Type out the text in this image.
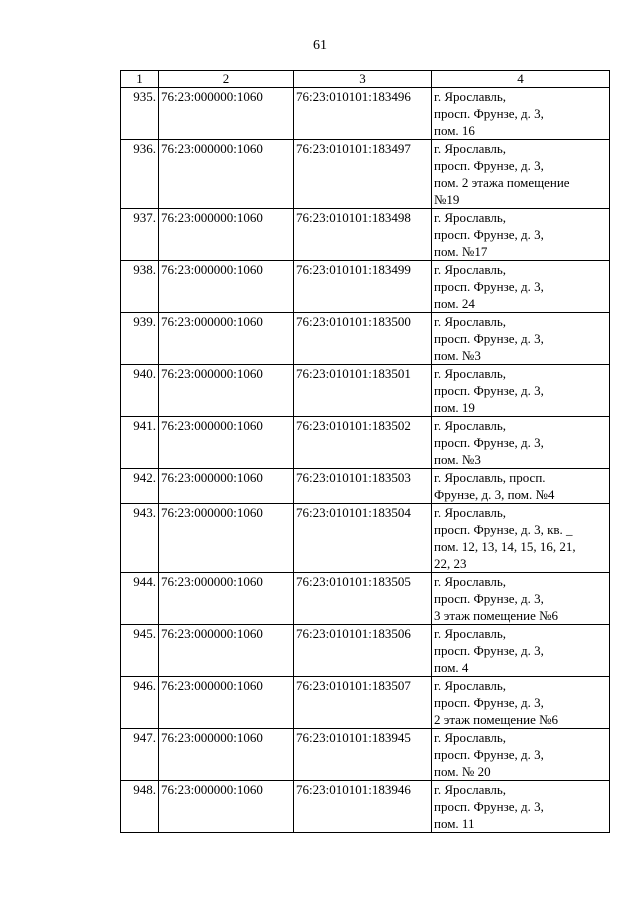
61
1	2	3	4
935.	76:23:000000:1060	76:23:010101:183496	г. Ярославль,
просп. Фрунзе, д. 3,
пом. 16

936.	76:23:000000:1060	76:23:010101:183497	г. Ярославль,
просп. Фрунзе, д. 3,
пом. 2 этажа помещение
№19

937.	76:23:000000:1060	76:23:010101:183498	г. Ярославль,
просп. Фрунзе, д. 3,
пом. №17

938.	76:23:000000:1060	76:23:010101:183499	г. Ярославль,
просп. Фрунзе, д. 3,
пом. 24

939.	76:23:000000:1060	76:23:010101:183500	г. Ярославль,
просп. Фрунзе, д. 3,
пом. №3

940.	76:23:000000:1060	76:23:010101:183501	г. Ярославль,
просп. Фрунзе, д. 3,
пом. 19

941.	76:23:000000:1060	76:23:010101:183502	г. Ярославль,
просп. Фрунзе, д. 3,
пом. №3

942.	76:23:000000:1060	76:23:010101:183503	г. Ярославль, просп.
Фрунзе, д. 3, пом. №4

943.	76:23:000000:1060	76:23:010101:183504	г. Ярославль,
просп. Фрунзе, д. 3, кв. _
пом. 12, 13, 14, 15, 16, 21,
22, 23

944.	76:23:000000:1060	76:23:010101:183505	г. Ярославль,
просп. Фрунзе, д. 3,
3 этаж помещение №6

945.	76:23:000000:1060	76:23:010101:183506	г. Ярославль,
просп. Фрунзе, д. 3,
пом. 4

946.	76:23:000000:1060	76:23:010101:183507	г. Ярославль,
просп. Фрунзе, д. 3,
2 этаж помещение №6

947.	76:23:000000:1060	76:23:010101:183945	г. Ярославль,
просп. Фрунзе, д. 3,
пом. № 20

948.	76:23:000000:1060	76:23:010101:183946	г. Ярославль,
просп. Фрунзе, д. 3,
пом. 11
